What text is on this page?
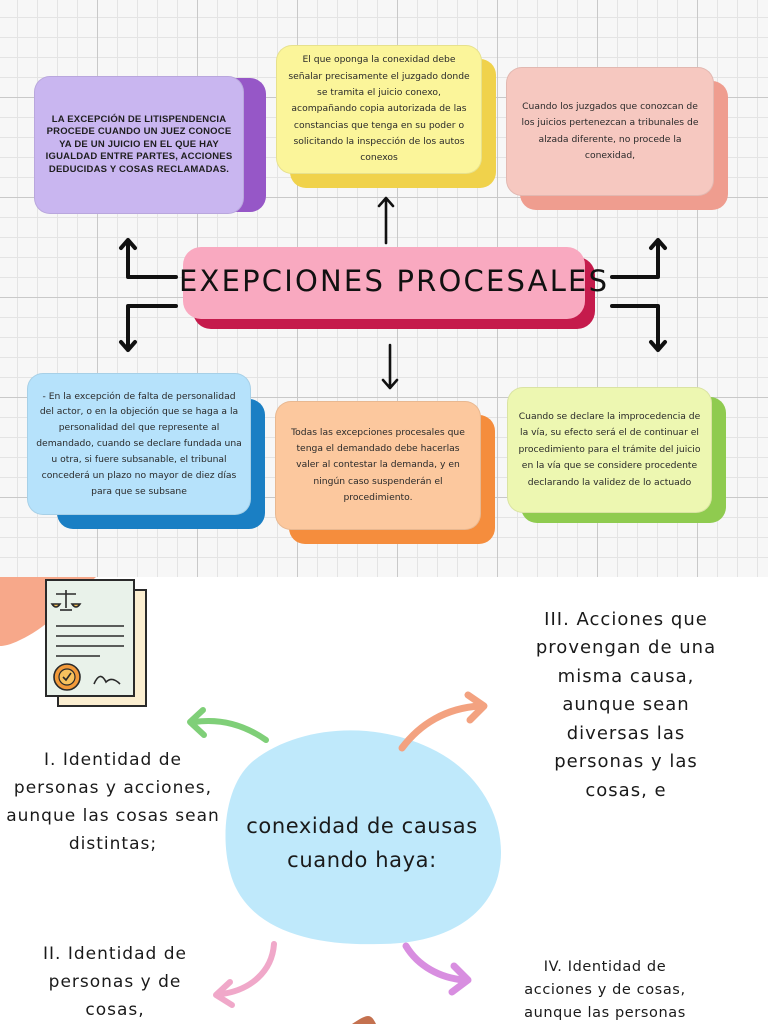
LA EXCEPCIÓN DE LITISPENDENCIA PROCEDE CUANDO UN JUEZ CONOCE YA DE UN JUICIO EN EL QUE HAY IGUALDAD ENTRE PARTES, ACCIONES DEDUCIDAS Y COSAS RECLAMADAS.
El que oponga la conexidad debe señalar precisamente el juzgado donde se tramita el juicio conexo, acompañando copia autorizada de las constancias que tenga en su poder o solicitando la inspección de los autos conexos
Cuando los juzgados que conozcan de los juicios pertenezcan a tribunales de alzada diferente, no procede la conexidad,
- En la excepción de falta de personalidad del actor, o en la objeción que se haga a la personalidad del que represente al demandado, cuando se declare fundada una u otra, si fuere subsanable, el tribunal concederá un plazo no mayor de diez días para que se subsane
Todas las excepciones procesales que tenga el demandado debe hacerlas valer al contestar la demanda, y en ningún caso suspenderán el procedimiento.
Cuando se declare la improcedencia de la vía, su efecto será el de continuar el procedimiento para el trámite del juicio en la vía que se considere procedente declarando la validez de lo actuado
EXEPCIONES PROCESALES
conexidad de causas cuando haya:
I. Identidad de personas y acciones, aunque las cosas sean distintas;
II. Identidad de personas y de cosas,
III. Acciones que provengan de una misma causa, aunque sean diversas las personas y las cosas, e
IV. Identidad de acciones y de cosas, aunque las personas
